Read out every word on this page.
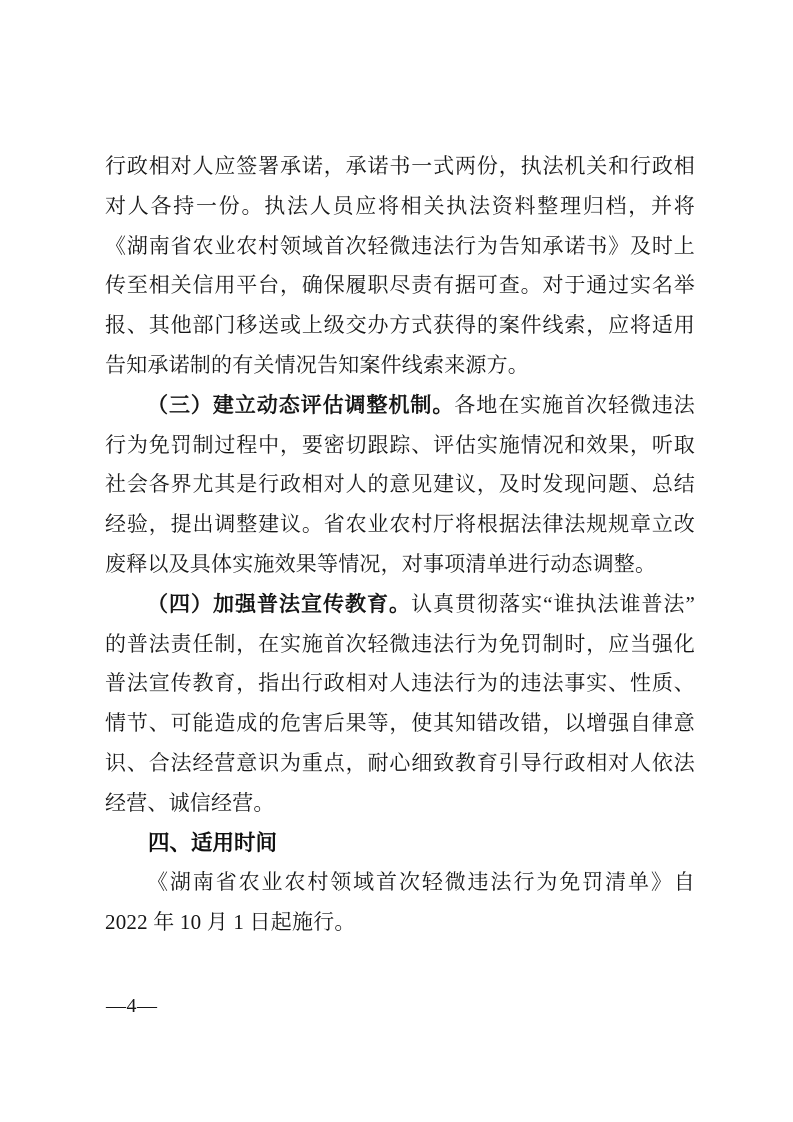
行政相对人应签署承诺，承诺书一式两份，执法机关和行政相对人各持一份。执法人员应将相关执法资料整理归档，并将《湖南省农业农村领域首次轻微违法行为告知承诺书》及时上传至相关信用平台，确保履职尽责有据可查。对于通过实名举报、其他部门移送或上级交办方式获得的案件线索，应将适用告知承诺制的有关情况告知案件线索来源方。

（三）建立动态评估调整机制。各地在实施首次轻微违法行为免罚制过程中，要密切跟踪、评估实施情况和效果，听取社会各界尤其是行政相对人的意见建议，及时发现问题、总结经验，提出调整建议。省农业农村厅将根据法律法规规章立改废释以及具体实施效果等情况，对事项清单进行动态调整。

（四）加强普法宣传教育。认真贯彻落实“谁执法谁普法”的普法责任制，在实施首次轻微违法行为免罚制时，应当强化普法宣传教育，指出行政相对人违法行为的违法事实、性质、情节、可能造成的危害后果等，使其知错改错，以增强自律意识、合法经营意识为重点，耐心细致教育引导行政相对人依法经营、诚信经营。

四、适用时间

《湖南省农业农村领域首次轻微违法行为免罚清单》自 2022 年 10 月 1 日起施行。

—4—
